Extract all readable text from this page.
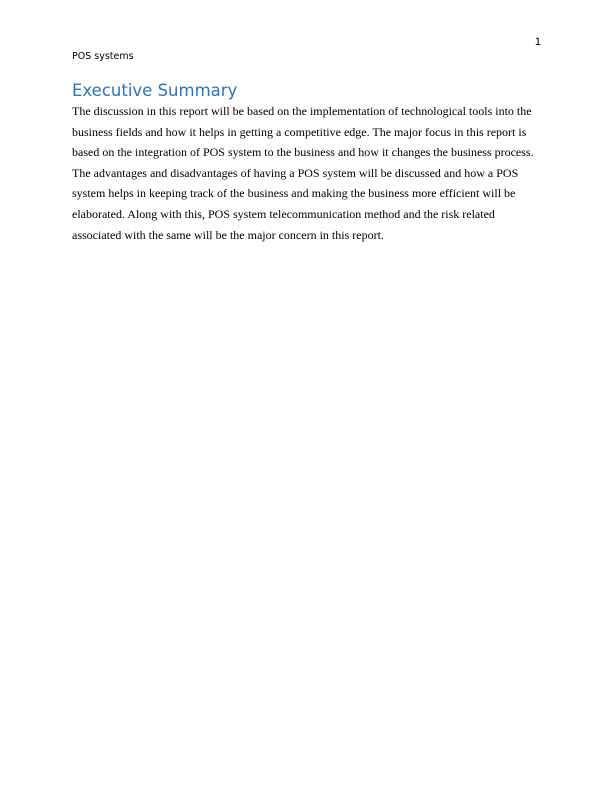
1
POS systems
Executive Summary

The discussion in this report will be based on the implementation of technological tools into the
business fields and how it helps in getting a competitive edge. The major focus in this report is
based on the integration of POS system to the business and how it changes the business process.
The advantages and disadvantages of having a POS system will be discussed and how a POS
system helps in keeping track of the business and making the business more efficient will be
elaborated. Along with this, POS system telecommunication method and the risk related
associated with the same will be the major concern in this report.
